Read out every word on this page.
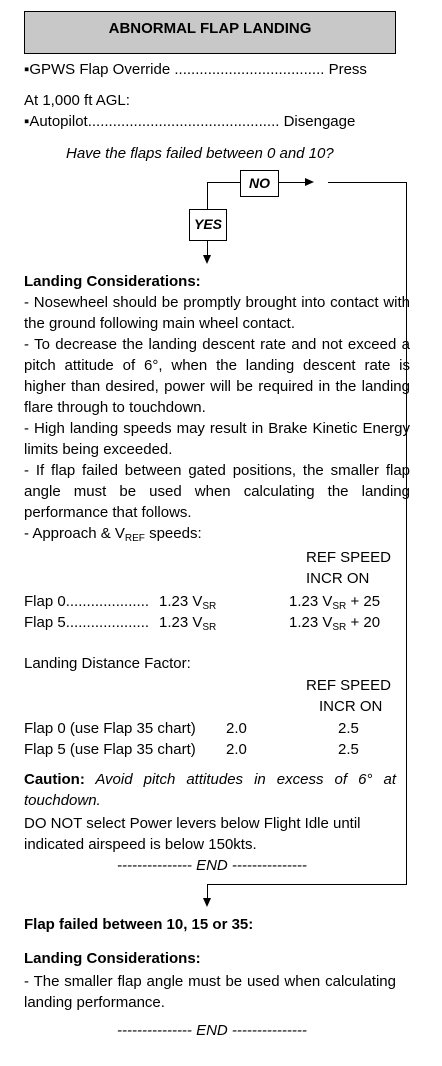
ABNORMAL FLAP LANDING
▪GPWS Flap Override .................................... Press
At 1,000 ft AGL:
▪Autopilot.............................................. Disengage
Have the flaps failed between 0 and 10?
NO
YES

Landing Considerations:

- Nosewheel should be promptly brought into contact with the ground following main wheel contact.

- To decrease the landing descent rate and not exceed a pitch attitude of 6°, when the landing descent rate is higher than desired, power will be required in the landing flare through to touchdown.

- High landing speeds may result in Brake Kinetic Energy limits being exceeded.

- If flap failed between gated positions, the smaller flap angle must be used when calculating the landing performance that follows.

- Approach & $V_{REF}$ speeds:

REF SPEED
INCR ON
Flap 0.................... 1.23 $V_{SR}$	1.23 $V_{SR} + 25$
Flap 5.................... 1.23 $V_{SR}$	1.23 $V_{SR} + 20$
Landing Distance Factor:
REF SPEED
INCR ON
Flap 0 (use Flap 35 chart) 2.0	2.5
Flap 5 (use Flap 35 chart) 2.0	2.5

Caution: Avoid pitch attitudes in excess of 6° at touchdown.

DO NOT select Power levers below Flight Idle until indicated airspeed is below 150kts.
--------------- END ---------------
Flap failed between 10, 15 or 35:
Landing Considerations:
- The smaller flap angle must be used when calculating landing performance.
--------------- END ---------------
